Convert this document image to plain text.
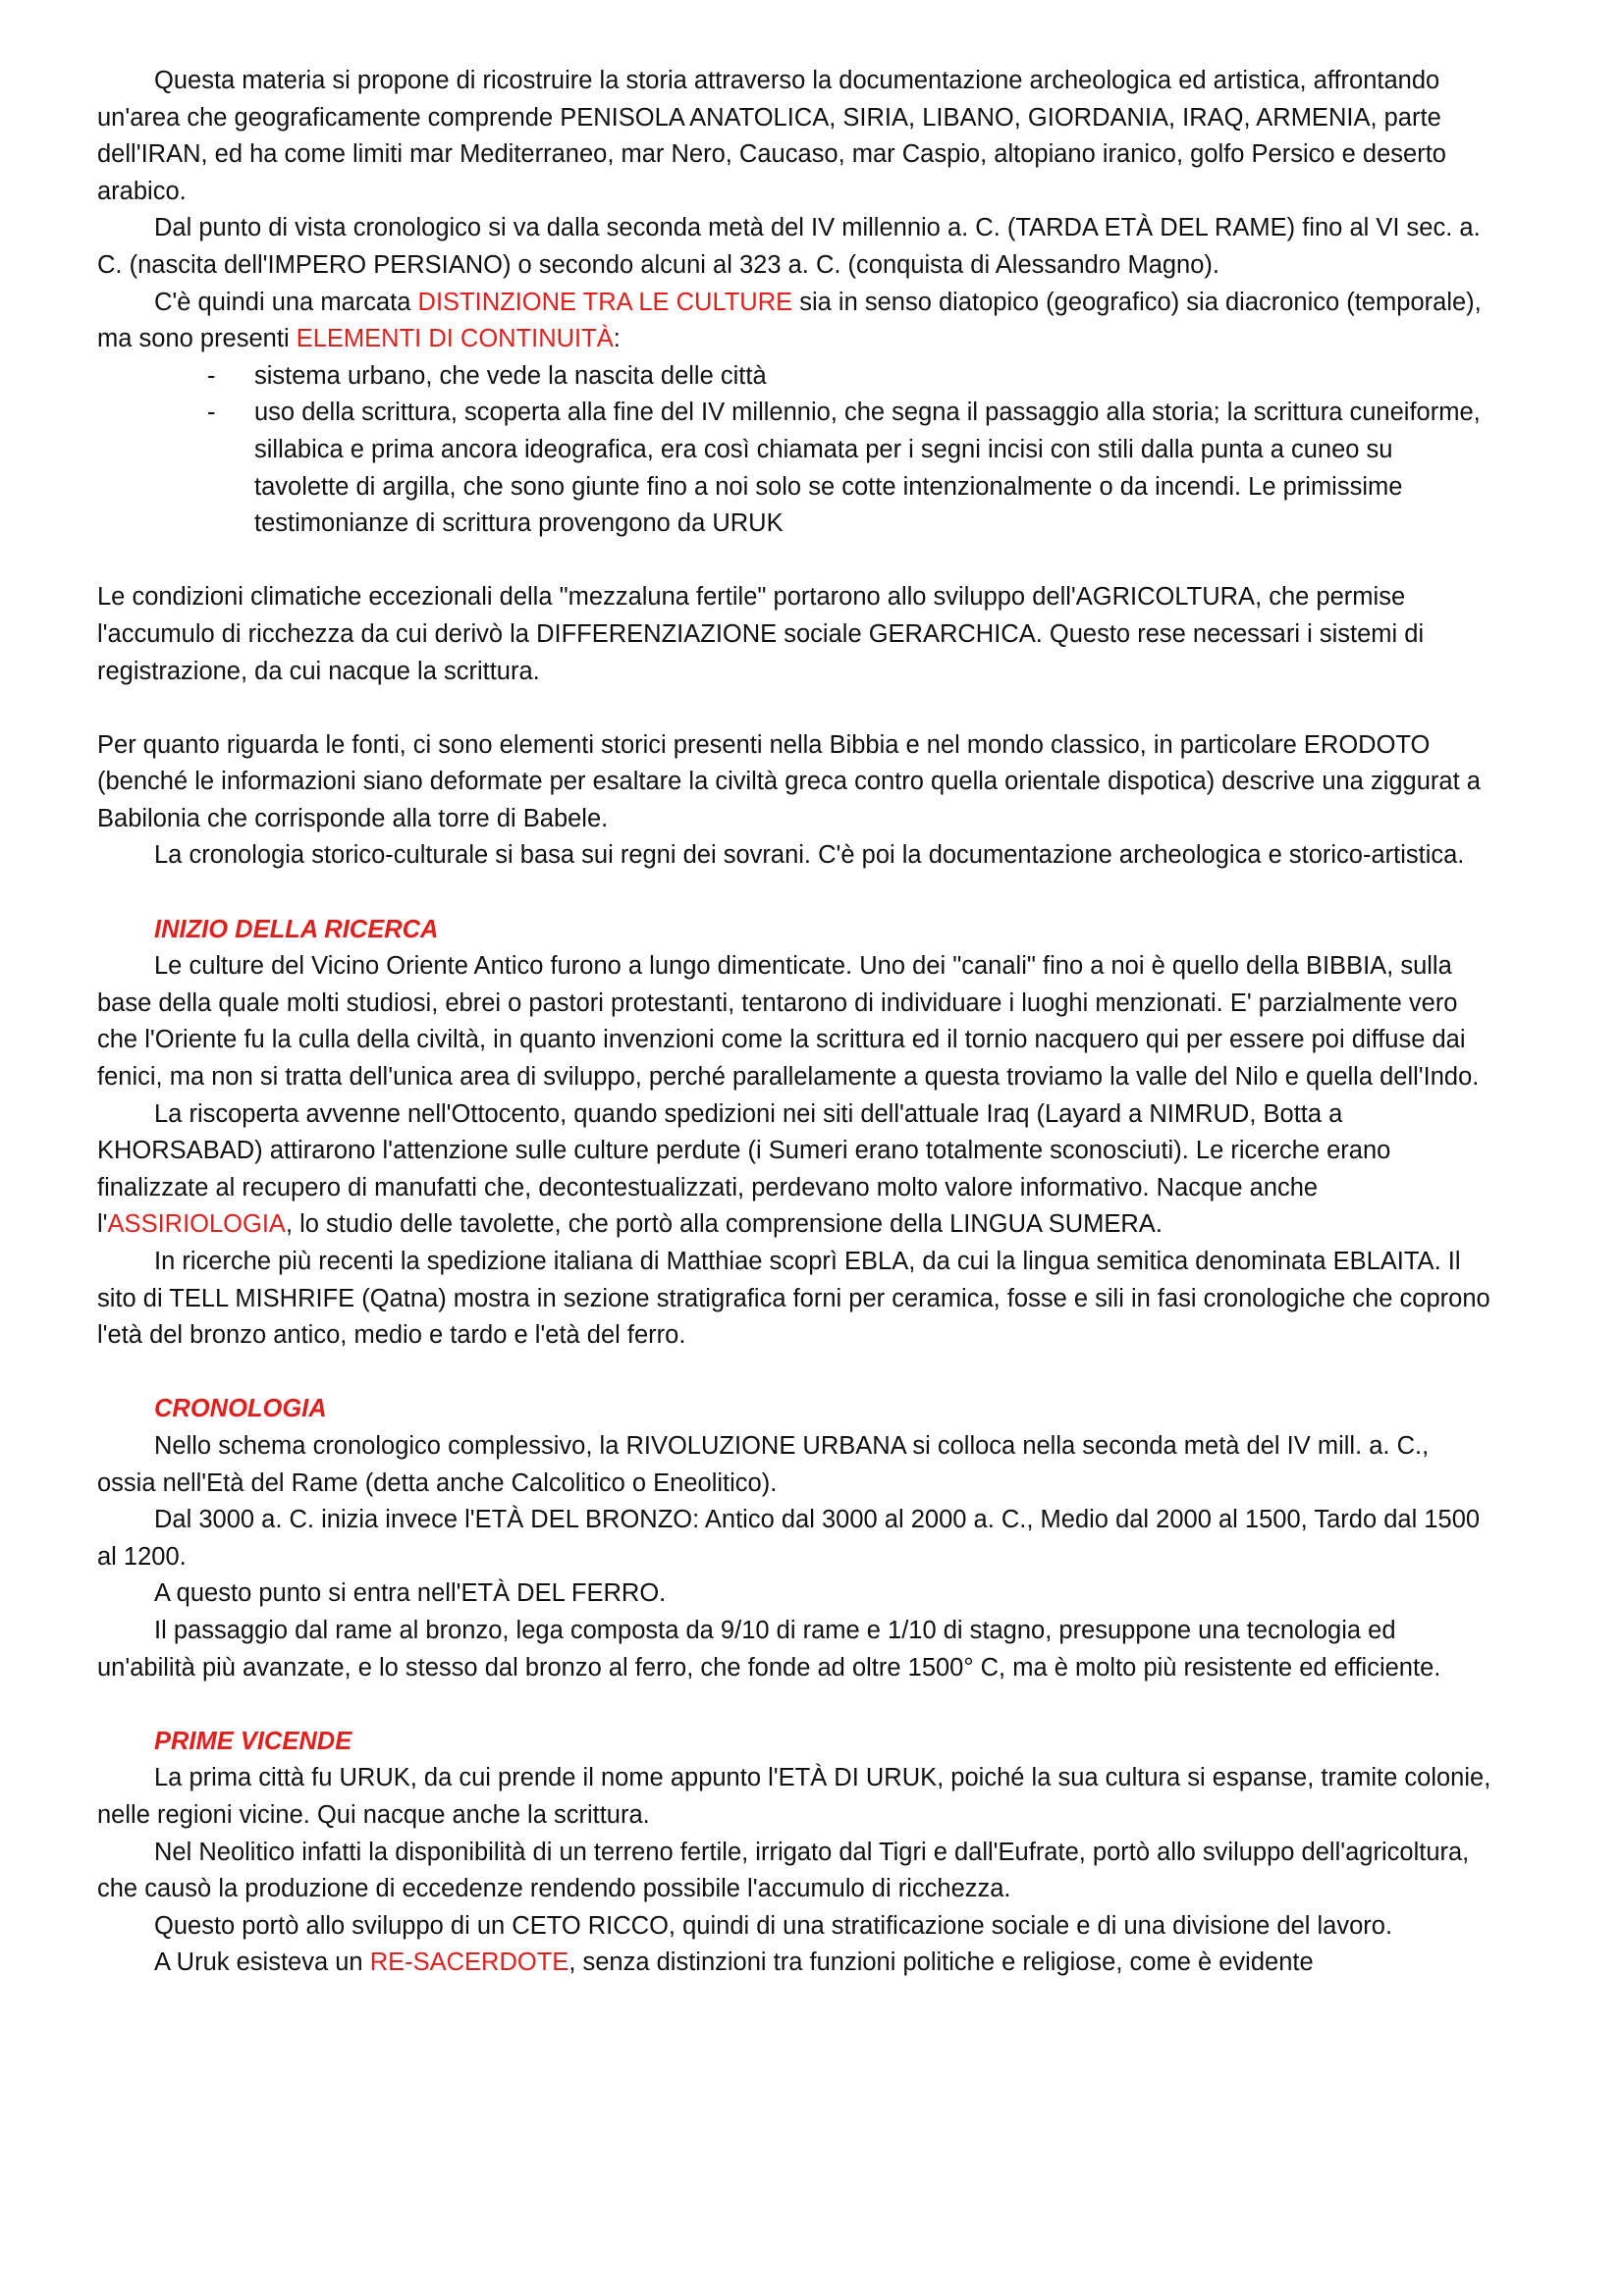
Questa materia si propone di ricostruire la storia attraverso la documentazione archeologica ed artistica, affrontando un'area che geograficamente comprende PENISOLA ANATOLICA, SIRIA, LIBANO, GIORDANIA, IRAQ, ARMENIA, parte dell'IRAN, ed ha come limiti mar Mediterraneo, mar Nero, Caucaso, mar Caspio, altopiano iranico, golfo Persico e deserto arabico.

Dal punto di vista cronologico si va dalla seconda metà del IV millennio a. C. (TARDA ETÀ DEL RAME) fino al VI sec. a. C. (nascita dell'IMPERO PERSIANO) o secondo alcuni al 323 a. C. (conquista di Alessandro Magno).

C'è quindi una marcata DISTINZIONE TRA LE CULTURE sia in senso diatopico (geografico) sia diacronico (temporale), ma sono presenti ELEMENTI DI CONTINUITÀ:

- sistema urbano, che vede la nascita delle città
- uso della scrittura, scoperta alla fine del IV millennio, che segna il passaggio alla storia; la scrittura cuneiforme, sillabica e prima ancora ideografica, era così chiamata per i segni incisi con stili dalla punta a cuneo su tavolette di argilla, che sono giunte fino a noi solo se cotte intenzionalmente o da incendi. Le primissime testimonianze di scrittura provengono da URUK

Le condizioni climatiche eccezionali della "mezzaluna fertile" portarono allo sviluppo dell'AGRICOLTURA, che permise l'accumulo di ricchezza da cui derivò la DIFFERENZIAZIONE sociale GERARCHICA. Questo rese necessari i sistemi di registrazione, da cui nacque la scrittura.

Per quanto riguarda le fonti, ci sono elementi storici presenti nella Bibbia e nel mondo classico, in particolare ERODOTO (benché le informazioni siano deformate per esaltare la civiltà greca contro quella orientale dispotica) descrive una ziggurat a Babilonia che corrisponde alla torre di Babele.

La cronologia storico-culturale si basa sui regni dei sovrani. C'è poi la documentazione archeologica e storico-artistica.

INIZIO DELLA RICERCA

Le culture del Vicino Oriente Antico furono a lungo dimenticate. Uno dei "canali" fino a noi è quello della BIBBIA, sulla base della quale molti studiosi, ebrei o pastori protestanti, tentarono di individuare i luoghi menzionati. E' parzialmente vero che l'Oriente fu la culla della civiltà, in quanto invenzioni come la scrittura ed il tornio nacquero qui per essere poi diffuse dai fenici, ma non si tratta dell'unica area di sviluppo, perché parallelamente a questa troviamo la valle del Nilo e quella dell'Indo.

La riscoperta avvenne nell'Ottocento, quando spedizioni nei siti dell'attuale Iraq (Layard a NIMRUD, Botta a KHORSABAD) attirarono l'attenzione sulle culture perdute (i Sumeri erano totalmente sconosciuti). Le ricerche erano finalizzate al recupero di manufatti che, decontestualizzati, perdevano molto valore informativo. Nacque anche l'ASSIRIOLOGIA, lo studio delle tavolette, che portò alla comprensione della LINGUA SUMERA.

In ricerche più recenti la spedizione italiana di Matthiae scoprì EBLA, da cui la lingua semitica denominata EBLAITA. Il sito di TELL MISHRIFE (Qatna) mostra in sezione stratigrafica forni per ceramica, fosse e sili in fasi cronologiche che coprono l'età del bronzo antico, medio e tardo e l'età del ferro.

CRONOLOGIA

Nello schema cronologico complessivo, la RIVOLUZIONE URBANA si colloca nella seconda metà del IV mill. a. C., ossia nell'Età del Rame (detta anche Calcolitico o Eneolitico).

Dal 3000 a. C. inizia invece l'ETÀ DEL BRONZO: Antico dal 3000 al 2000 a. C., Medio dal 2000 al 1500, Tardo dal 1500 al 1200.

A questo punto si entra nell'ETÀ DEL FERRO.

Il passaggio dal rame al bronzo, lega composta da 9/10 di rame e 1/10 di stagno, presuppone una tecnologia ed un'abilità più avanzate, e lo stesso dal bronzo al ferro, che fonde ad oltre 1500° C, ma è molto più resistente ed efficiente.

PRIME VICENDE

La prima città fu URUK, da cui prende il nome appunto l'ETÀ DI URUK, poiché la sua cultura si espanse, tramite colonie, nelle regioni vicine. Qui nacque anche la scrittura.

Nel Neolitico infatti la disponibilità di un terreno fertile, irrigato dal Tigri e dall'Eufrate, portò allo sviluppo dell'agricoltura, che causò la produzione di eccedenze rendendo possibile l'accumulo di ricchezza.

Questo portò allo sviluppo di un CETO RICCO, quindi di una stratificazione sociale e di una divisione del lavoro.

A Uruk esisteva un RE-SACERDOTE, senza distinzioni tra funzioni politiche e religiose, come è evidente
